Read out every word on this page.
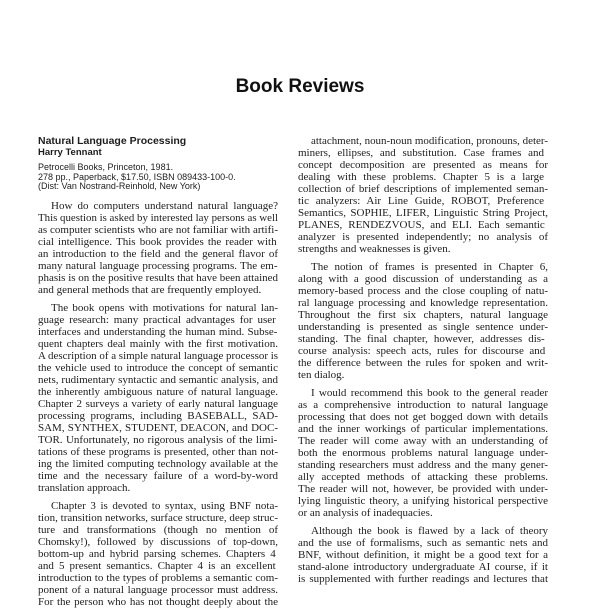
Book Reviews
Natural Language Processing
Harry Tennant
Petrocelli Books, Princeton, 1981.
278 pp., Paperback, $17.50, ISBN 089433-100-0.
(Dist: Van Nostrand-Reinhold, New York)
How do computers understand natural language?
This question is asked by interested lay persons as well
as computer scientists who are not familiar with artifi-
cial intelligence. This book provides the reader with
an introduction to the field and the general flavor of
many natural language processing programs. The em-
phasis is on the positive results that have been attained
and general methods that are frequently employed.
The book opens with motivations for natural lan-
guage research: many practical advantages for user
interfaces and understanding the human mind. Subse-
quent chapters deal mainly with the first motivation.
A description of a simple natural language processor is
the vehicle used to introduce the concept of semantic
nets, rudimentary syntactic and semantic analysis, and
the inherently ambiguous nature of natural language.
Chapter 2 surveys a variety of early natural language
processing programs, including BASEBALL, SAD-
SAM, SYNTHEX, STUDENT, DEACON, and DOC-
TOR. Unfortunately, no rigorous analysis of the limi-
tations of these programs is presented, other than not-
ing the limited computing technology available at the
time and the necessary failure of a word-by-word
translation approach.
Chapter 3 is devoted to syntax, using BNF nota-
tion, transition networks, surface structure, deep struc-
ture and transformations (though no mention of
Chomsky!), followed by discussions of top-down,
bottom-up and hybrid parsing schemes. Chapters 4
and 5 present semantics. Chapter 4 is an excellent
introduction to the types of problems a semantic com-
ponent of a natural language processor must address.
For the person who has not thought deeply about the
attachment, noun-noun modification, pronouns, deter-
miners, ellipses, and substitution. Case frames and
concept decomposition are presented as means for
dealing with these problems. Chapter 5 is a large
collection of brief descriptions of implemented seman-
tic analyzers: Air Line Guide, ROBOT, Preference
Semantics, SOPHIE, LIFER, Linguistic String Project,
PLANES, RENDEZVOUS, and ELI. Each semantic
analyzer is presented independently; no analysis of
strengths and weaknesses is given.
The notion of frames is presented in Chapter 6,
along with a good discussion of understanding as a
memory-based process and the close coupling of natu-
ral language processing and knowledge representation.
Throughout the first six chapters, natural language
understanding is presented as single sentence under-
standing. The final chapter, however, addresses dis-
course analysis: speech acts, rules for discourse and
the difference between the rules for spoken and writ-
ten dialog.
I would recommend this book to the general reader
as a comprehensive introduction to natural language
processing that does not get bogged down with details
and the inner workings of particular implementations.
The reader will come away with an understanding of
both the enormous problems natural language under-
standing researchers must address and the many gener-
ally accepted methods of attacking these problems.
The reader will not, however, be provided with under-
lying linguistic theory, a unifying historical perspective
or an analysis of inadequacies.
Although the book is flawed by a lack of theory
and the use of formalisms, such as semantic nets and
BNF, without definition, it might be a good text for a
stand-alone introductory undergraduate AI course, if it
is supplemented with further readings and lectures that
